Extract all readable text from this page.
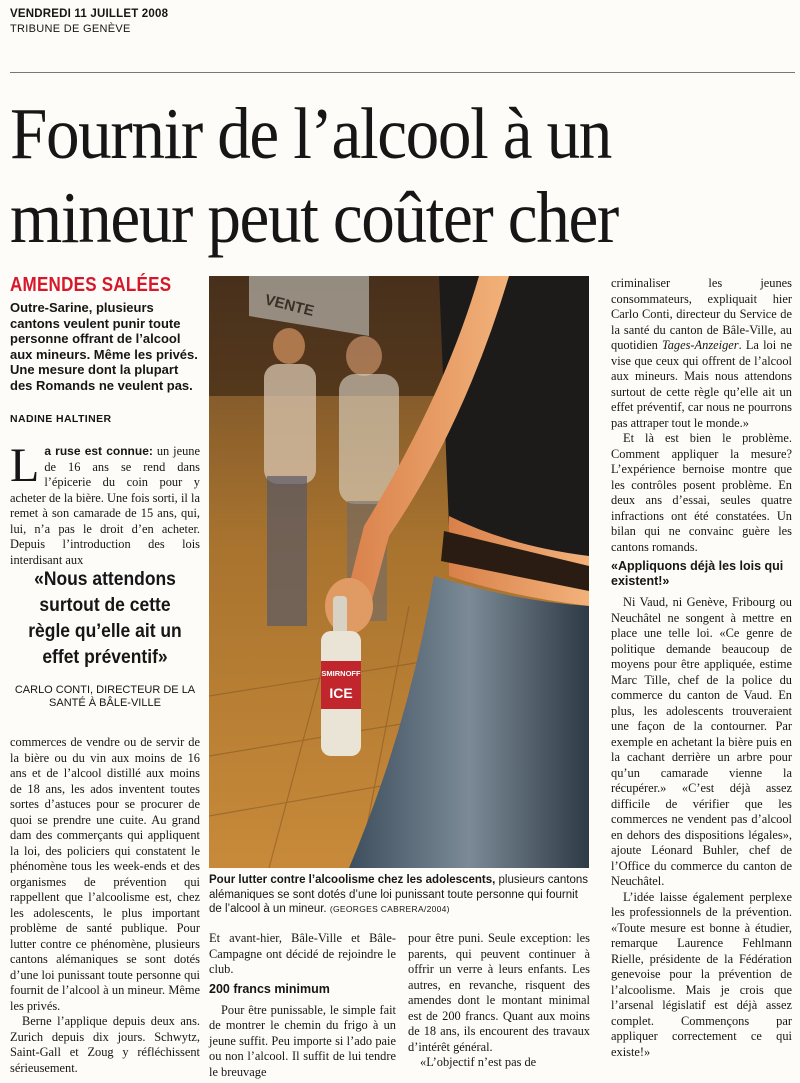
VENDREDI 11 JUILLET 2008
TRIBUNE DE GENÈVE
Fournir de l’alcool à un mineur peut coûter cher
AMENDES SALÉES
Outre-Sarine, plusieurs cantons veulent punir toute personne offrant de l’alcool aux mineurs. Même les privés. Une mesure dont la plupart des Romands ne veulent pas.
NADINE HALTINER
La ruse est connue: un jeune de 16 ans se rend dans l’épicerie du coin pour y acheter de la bière. Une fois sorti, il la remet à son camarade de 15 ans, qui, lui, n’a pas le droit d’en acheter. Depuis l’introduction des lois interdisant aux
«Nous attendons surtout de cette règle qu’elle ait un effet préventif»
CARLO CONTI, DIRECTEUR DE LA SANTÉ À BÂLE-VILLE

commerces de vendre ou de servir de la bière ou du vin aux moins de 16 ans et de l’alcool distillé aux moins de 18 ans, les ados inventent toutes sortes d’astuces pour se procurer de quoi se prendre une cuite. Au grand dam des commerçants qui appliquent la loi, des policiers qui constatent le phénomène tous les week-ends et des organismes de prévention qui rappellent que l’alcoolisme est, chez les adolescents, le plus important problème de santé publique. Pour lutter contre ce phénomène, plusieurs cantons alémaniques se sont dotés d’une loi punissant toute personne qui fournit de l’alcool à un mineur. Même les privés.

Berne l’applique depuis deux ans. Zurich depuis dix jours. Schwytz, Saint-Gall et Zoug y réfléchissent sérieusement.

VENTE
SMIRNOFF
ICE
Pour lutter contre l’alcoolisme chez les adolescents, plusieurs cantons alémaniques se sont dotés d’une loi punissant toute personne qui fournit de l’alcool à un mineur. (GEORGES CABRERA/2004)

Et avant-hier, Bâle-Ville et Bâle-Campagne ont décidé de rejoindre le club.

200 francs minimum

Pour être punissable, le simple fait de montrer le chemin du frigo à un jeune suffit. Peu importe si l’ado paie ou non l’alcool. Il suffit de lui tendre le breuvage

pour être puni. Seule exception: les parents, qui peuvent continuer à offrir un verre à leurs enfants. Les autres, en revanche, risquent des amendes dont le montant minimal est de 200 francs. Quant aux moins de 18 ans, ils encourent des travaux d’intérêt général.

«L’objectif n’est pas de

criminaliser les jeunes consommateurs, expliquait hier Carlo Conti, directeur du Service de la santé du canton de Bâle-Ville, au quotidien Tages-Anzeiger. La loi ne vise que ceux qui offrent de l’alcool aux mineurs. Mais nous attendons surtout de cette règle qu’elle ait un effet préventif, car nous ne pourrons pas attraper tout le monde.»

Et là est bien le problème. Comment appliquer la mesure? L’expérience bernoise montre que les contrôles posent problème. En deux ans d’essai, seules quatre infractions ont été constatées. Un bilan qui ne convainc guère les cantons romands.

«Appliquons déjà les lois qui existent!»

Ni Vaud, ni Genève, Fribourg ou Neuchâtel ne songent à mettre en place une telle loi. «Ce genre de politique demande beaucoup de moyens pour être appliquée, estime Marc Tille, chef de la police du commerce du canton de Vaud. En plus, les adolescents trouveraient une façon de la contourner. Par exemple en achetant la bière puis en la cachant derrière un arbre pour qu’un camarade vienne la récupérer.» «C’est déjà assez difficile de vérifier que les commerces ne vendent pas d’alcool en dehors des dispositions légales», ajoute Léonard Buhler, chef de l’Office du commerce du canton de Neuchâtel.

L’idée laisse également perplexe les professionnels de la prévention. «Toute mesure est bonne à étudier, remarque Laurence Fehlmann Rielle, présidente de la Fédération genevoise pour la prévention de l’alcoolisme. Mais je crois que l’arsenal législatif est déjà assez complet. Commençons par appliquer correctement ce qui existe!»
